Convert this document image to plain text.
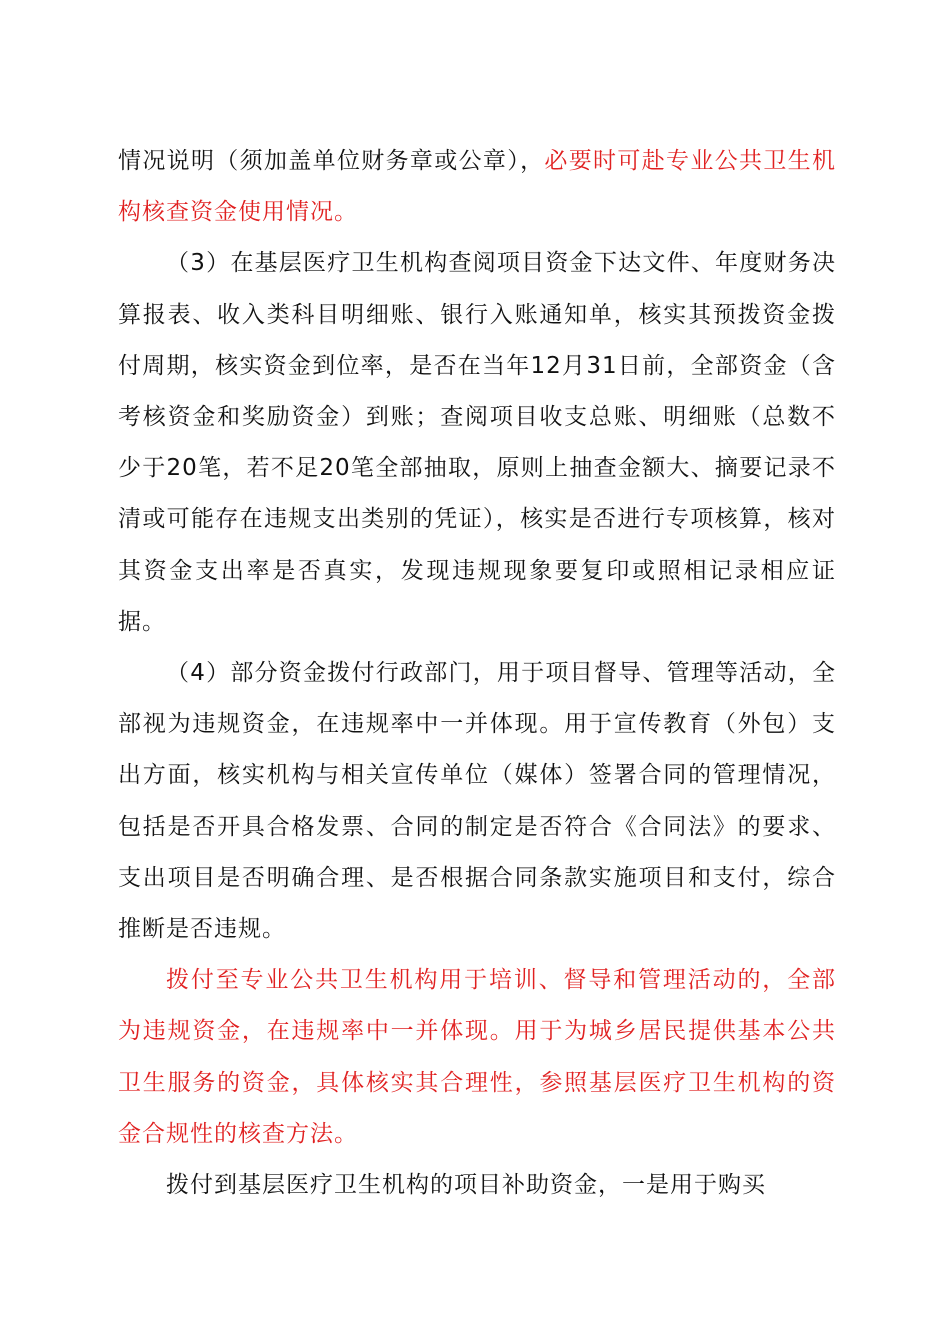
情况说明（须加盖单位财务章或公章），必要时可赴专业公共卫生机构核查资金使用情况。

（3）在基层医疗卫生机构查阅项目资金下达文件、年度财务决算报表、收入类科目明细账、银行入账通知单，核实其预拨资金拨付周期，核实资金到位率，是否在当年12月31日前，全部资金（含考核资金和奖励资金）到账；查阅项目收支总账、明细账（总数不少于20笔，若不足20笔全部抽取，原则上抽查金额大、摘要记录不清或可能存在违规支出类别的凭证），核实是否进行专项核算，核对其资金支出率是否真实，发现违规现象要复印或照相记录相应证据。

（4）部分资金拨付行政部门，用于项目督导、管理等活动，全部视为违规资金，在违规率中一并体现。用于宣传教育（外包）支出方面，核实机构与相关宣传单位（媒体）签署合同的管理情况，包括是否开具合格发票、合同的制定是否符合《合同法》的要求、支出项目是否明确合理、是否根据合同条款实施项目和支付，综合推断是否违规。

拨付至专业公共卫生机构用于培训、督导和管理活动的，全部为违规资金，在违规率中一并体现。用于为城乡居民提供基本公共卫生服务的资金，具体核实其合理性，参照基层医疗卫生机构的资金合规性的核查方法。

拨付到基层医疗卫生机构的项目补助资金，一是用于购买
